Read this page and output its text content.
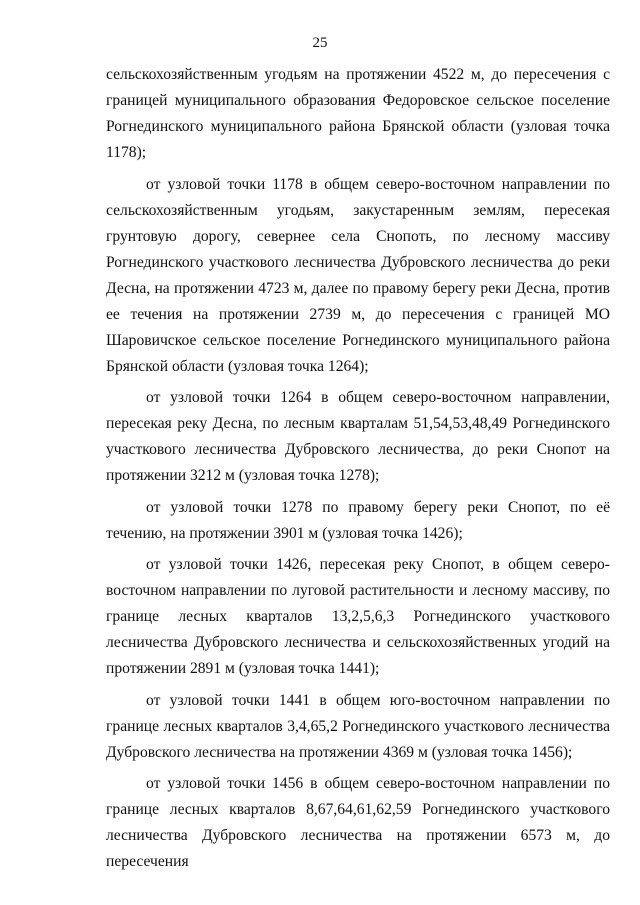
25

сельскохозяйственным угодьям на протяжении 4522 м, до пересечения с границей муниципального образования Федоровское сельское поселение Рогнединского муниципального района Брянской области (узловая точка 1178);

от узловой точки 1178 в общем северо-восточном направлении по сельскохозяйственным угодьям, закустаренным землям, пересекая грунтовую дорогу, севернее села Снопоть, по лесному массиву Рогнединского участкового лесничества Дубровского лесничества до реки Десна, на протяжении 4723 м, далее по правому берегу реки Десна, против ее течения на протяжении 2739 м, до пересечения с границей МО Шаровичское сельское поселение Рогнединского муниципального района Брянской области (узловая точка 1264);

от узловой точки 1264 в общем северо-восточном направлении, пересекая реку Десна, по лесным кварталам 51,54,53,48,49 Рогнединского участкового лесничества Дубровского лесничества, до реки Снопот на протяжении 3212 м (узловая точка 1278);

от узловой точки 1278 по правому берегу реки Снопот, по её течению, на протяжении 3901 м (узловая точка 1426);

от узловой точки 1426, пересекая реку Снопот, в общем северо-восточном направлении по луговой растительности и лесному массиву, по границе лесных кварталов 13,2,5,6,3 Рогнединского участкового лесничества Дубровского лесничества и сельскохозяйственных угодий на протяжении 2891 м (узловая точка 1441);

от узловой точки 1441 в общем юго-восточном направлении по границе лесных кварталов 3,4,65,2 Рогнединского участкового лесничества Дубровского лесничества на протяжении 4369 м (узловая точка 1456);

от узловой точки 1456 в общем северо-восточном направлении по границе лесных кварталов 8,67,64,61,62,59 Рогнединского участкового лесничества Дубровского лесничества на протяжении 6573 м, до пересечения
